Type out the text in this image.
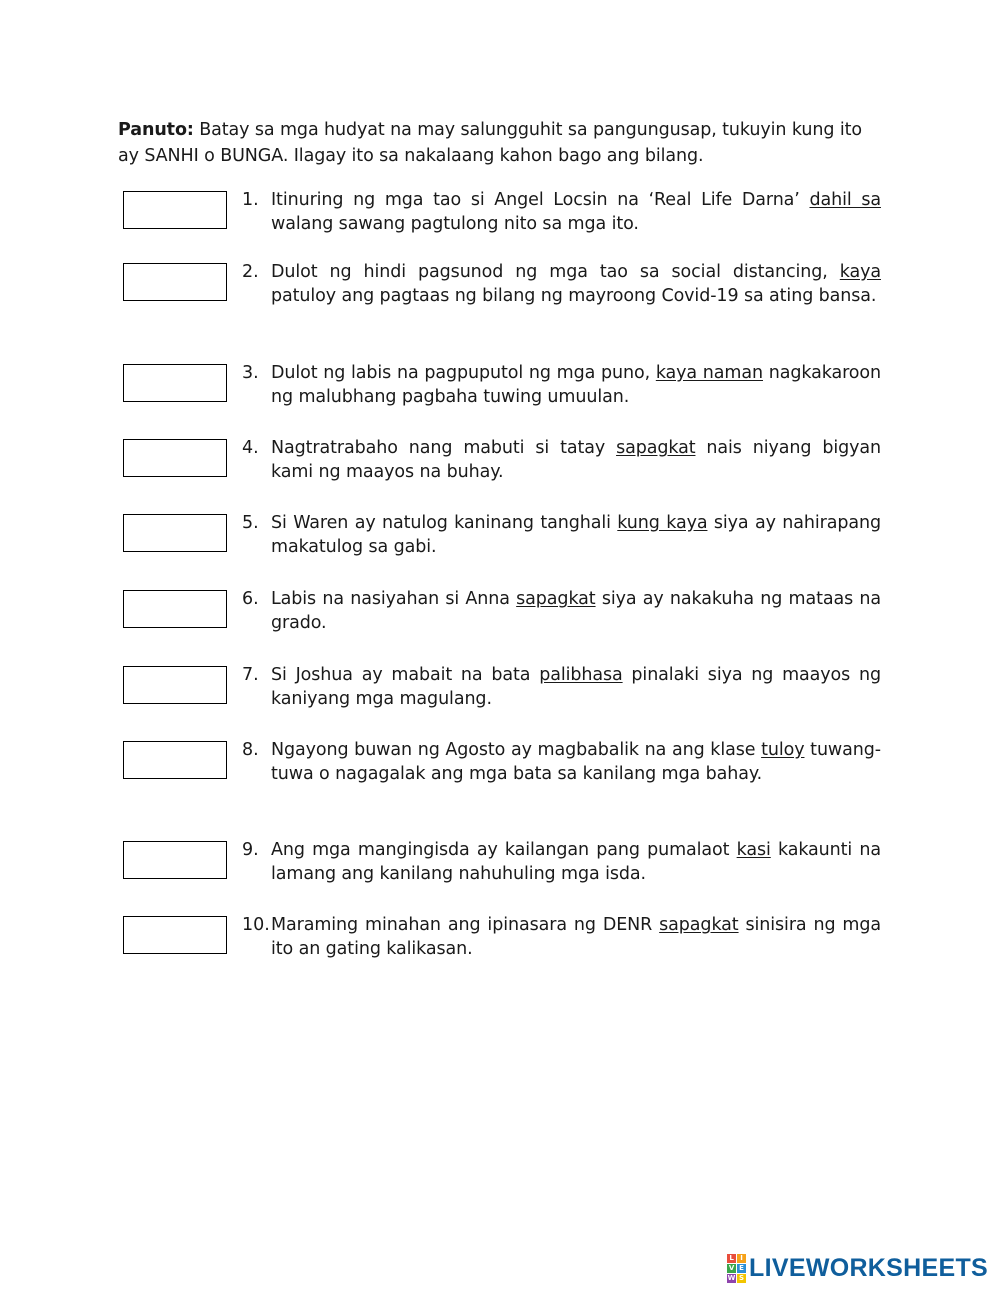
Panuto: Batay sa mga hudyat na may salungguhit sa pangungusap, tukuyin kung ito ay SANHI o BUNGA. Ilagay ito sa nakalaang kahon bago ang bilang.
1. Itinuring ng mga tao si Angel Locsin na ‘Real Life Darna’ dahil sa walang sawang pagtulong nito sa mga ito.
2. Dulot ng hindi pagsunod ng mga tao sa social distancing, kaya patuloy ang pagtaas ng bilang ng mayroong Covid-19 sa ating bansa.
3. Dulot ng labis na pagpuputol ng mga puno, kaya naman nagkakaroon ng malubhang pagbaha tuwing umuulan.
4. Nagtratrabaho nang mabuti si tatay sapagkat nais niyang bigyan kami ng maayos na buhay.
5. Si Waren ay natulog kaninang tanghali kung kaya siya ay nahirapang makatulog sa gabi.
6. Labis na nasiyahan si Anna sapagkat siya ay nakakuha ng mataas na grado.
7. Si Joshua ay mabait na bata palibhasa pinalaki siya ng maayos ng kaniyang mga magulang.
8. Ngayong buwan ng Agosto ay magbabalik na ang klase tuloy tuwang-tuwa o nagagalak ang mga bata sa kanilang mga bahay.
9. Ang mga mangingisda ay kailangan pang pumalaot kasi kakaunti na lamang ang kanilang nahuhuling mga isda.
10. Maraming minahan ang ipinasara ng DENR sapagkat sinisira ng mga ito an gating kalikasan.
L I
V E
W S LIVEWORKSHEETS
